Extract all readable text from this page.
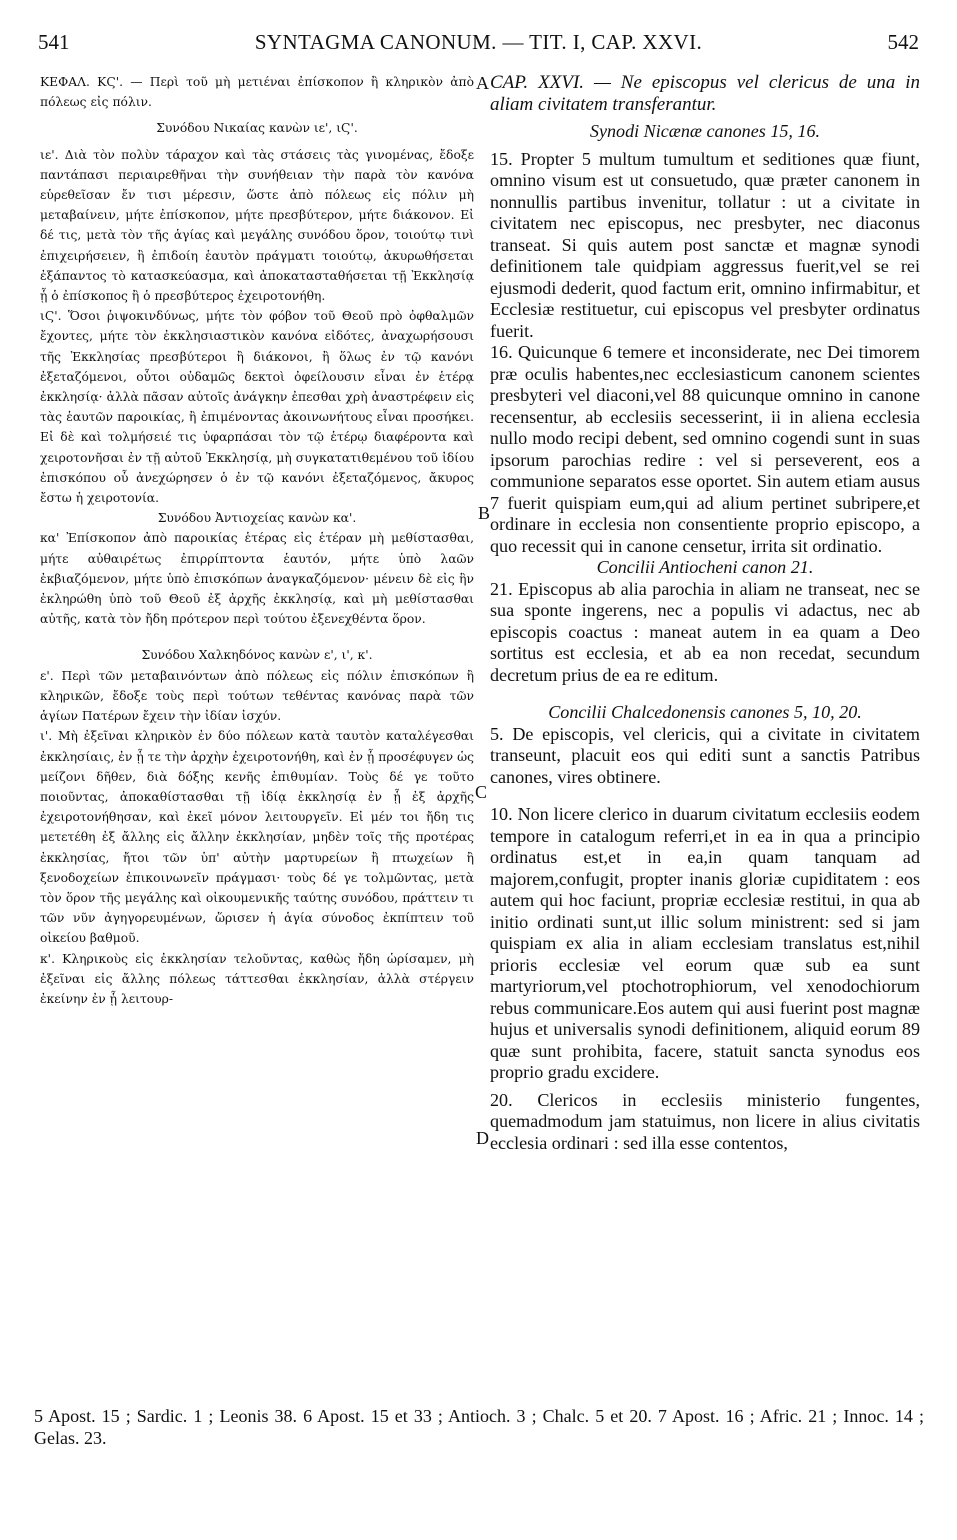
541	SYNTAGMA CANONUM. — TIT. I, CAP. XXVI.	542

ΚΕΦΑΛ. ΚϚ'. — Περὶ τοῦ μὴ μετιέναι ἐπίσκοπον ἢ κληρικὸν ἀπὸ πόλεως εἰς πόλιν.

Συνόδου Νικαίας κανὼν ιε', ιϚ'.

ιε'. Διὰ τὸν πολὺν τάραχον καὶ τὰς στάσεις τὰς γινομένας, ἔδοξε παντάπασι περιαιρεθῆναι τὴν συνήθειαν τὴν παρὰ τὸν κανόνα εὑρεθεῖσαν ἔν τισι μέρεσιν, ὥστε ἀπὸ πόλεως εἰς πόλιν μὴ μεταβαίνειν, μήτε ἐπίσκοπον, μήτε πρεσβύτερον, μήτε διάκονον. Εἰ δέ τις, μετὰ τὸν τῆς ἁγίας καὶ μεγάλης συνόδου ὅρον, τοιούτῳ τινὶ ἐπιχειρήσειεν, ἢ ἐπιδοίη ἑαυτὸν πράγματι τοιούτῳ, ἀκυρωθήσεται ἐξάπαντος τὸ κατασκεύασμα, καὶ ἀποκατασταθήσεται τῇ Ἐκκλησίᾳ ᾗ ὁ ἐπίσκοπος ἢ ὁ πρεσβύτερος ἐχειροτονήθη.

ιϚ'. Ὅσοι ῥιψοκινδύνως, μήτε τὸν φόβον τοῦ Θεοῦ πρὸ ὀφθαλμῶν ἔχοντες, μήτε τὸν ἐκκλησιαστικὸν κανόνα εἰδότες, ἀναχωρήσουσι τῆς Ἐκκλησίας πρεσβύτεροι ἢ διάκονοι, ἢ ὅλως ἐν τῷ κανόνι ἐξεταζόμενοι, οὗτοι οὐδαμῶς δεκτοὶ ὀφείλουσιν εἶναι ἐν ἑτέρᾳ ἐκκλησίᾳ· ἀλλὰ πᾶσαν αὐτοῖς ἀνάγκην ἐπεσθαι χρὴ ἀναστρέφειν εἰς τὰς ἑαυτῶν παροικίας, ἢ ἐπιμένοντας ἀκοινωνήτους εἶναι προσήκει. Εἰ δὲ καὶ τολμήσειέ τις ὑφαρπάσαι τὸν τῷ ἑτέρῳ διαφέροντα καὶ χειροτονῆσαι ἐν τῇ αὐτοῦ Ἐκκλησίᾳ, μὴ συγκατατιθεμένου τοῦ ἰδίου ἐπισκόπου οὗ ἀνεχώρησεν ὁ ἐν τῷ κανόνι ἐξεταζόμενος, ἄκυρος ἔστω ἡ χειροτονία.

Συνόδου Ἀντιοχείας κανὼν κα'.

κα' Ἐπίσκοπον ἀπὸ παροικίας ἑτέρας εἰς ἑτέραν μὴ μεθίστασθαι, μήτε αὐθαιρέτως ἐπιρρίπτοντα ἑαυτόν, μήτε ὑπὸ λαῶν ἐκβιαζόμενον, μήτε ὑπὸ ἐπισκόπων ἀναγκαζόμενον· μένειν δὲ εἰς ἣν ἐκληρώθη ὑπὸ τοῦ Θεοῦ ἐξ ἀρχῆς ἐκκλησίᾳ, καὶ μὴ μεθίστασθαι αὐτῆς, κατὰ τὸν ἤδη πρότερον περὶ τούτου ἐξενεχθέντα ὅρον.

Συνόδου Χαλκηδόνος κανὼν ε', ι', κ'.

ε'. Περὶ τῶν μεταβαινόντων ἀπὸ πόλεως εἰς πόλιν ἐπισκόπων ἢ κληρικῶν, ἔδοξε τοὺς περὶ τούτων τεθέντας κανόνας παρὰ τῶν ἁγίων Πατέρων ἔχειν τὴν ἰδίαν ἰσχύν.

ι'. Μὴ ἐξεῖναι κληρικὸν ἐν δύο πόλεων κατὰ ταυτὸν καταλέγεσθαι ἐκκλησίαις, ἐν ᾗ τε τὴν ἀρχὴν ἐχειροτονήθη, καὶ ἐν ᾗ προσέφυγεν ὡς μείζονι δῆθεν, διὰ δόξης κενῆς ἐπιθυμίαν. Τοὺς δέ γε τοῦτο ποιοῦντας, ἀποκαθίστασθαι τῇ ἰδίᾳ ἐκκλησίᾳ ἐν ᾗ ἐξ ἀρχῆς ἐχειροτονήθησαν, καὶ ἐκεῖ μόνον λειτουργεῖν. Εἰ μέν τοι ἤδη τις μετετέθη ἐξ ἄλλης εἰς ἄλλην ἐκκλησίαν, μηδὲν τοῖς τῆς προτέρας ἐκκλησίας, ἤτοι τῶν ὑπ' αὐτὴν μαρτυρείων ἢ πτωχείων ἢ ξενοδοχείων ἐπικοινωνεῖν πράγμασι· τοὺς δέ γε τολμῶντας, μετὰ τὸν ὅρον τῆς μεγάλης καὶ οἰκουμενικῆς ταύτης συνόδου, πράττειν τι τῶν νῦν ἀγηγορευμένων, ὥρισεν ἡ ἁγία σύνοδος ἐκπίπτειν τοῦ οἰκείου βαθμοῦ.

κ'. Κληρικοὺς εἰς ἐκκλησίαν τελοῦντας, καθὼς ἤδη ὡρίσαμεν, μὴ ἐξεῖναι εἰς ἄλλης πόλεως τάττεσθαι ἐκκλησίαν, ἀλλὰ στέργειν ἐκείνην ἐν ᾗ λειτουρ-

A
B
C
D

CAP. XXVI. — Ne episcopus vel clericus de una in aliam civitatem transferantur.

Synodi Nicænæ canones 15, 16.

15. Propter 5 multum tumultum et seditiones quæ fiunt, omnino visum est ut consuetudo, quæ præter canonem in nonnullis partibus invenitur, tollatur : ut a civitate in civitatem nec episcopus, nec presbyter, nec diaconus transeat. Si quis autem post sanctæ et magnæ synodi definitionem tale quidpiam aggressus fuerit,vel se rei ejusmodi dederit, quod factum erit, omnino infirmabitur, et Ecclesiæ restituetur, cui episcopus vel presbyter ordinatus fuerit.

16. Quicunque 6 temere et inconsiderate, nec Dei timorem præ oculis habentes,nec ecclesiasticum canonem scientes presbyteri vel diaconi,vel 88 quicunque omnino in canone recensentur, ab ecclesiis secesserint, ii in aliena ecclesia nullo modo recipi debent, sed omnino cogendi sunt in suas ipsorum parochias redire : vel si perseverent, eos a communione separatos esse oportet. Sin autem etiam ausus 7 fuerit quispiam eum,qui ad alium pertinet subripere,et ordinare in ecclesia non consentiente proprio episcopo, a quo recessit qui in canone censetur, irrita sit ordinatio.

Concilii Antiocheni canon 21.

21. Episcopus ab alia parochia in aliam ne transeat, nec se sua sponte ingerens, nec a populis vi adactus, nec ab episcopis coactus : maneat autem in ea quam a Deo sortitus est ecclesia, et ab ea non recedat, secundum decretum prius de ea re editum.

Concilii Chalcedonensis canones 5, 10, 20.

5. De episcopis, vel clericis, qui a civitate in civitatem transeunt, placuit eos qui editi sunt a sanctis Patribus canones, vires obtinere.

10. Non licere clerico in duarum civitatum ecclesiis eodem tempore in catalogum referri,et in ea in qua a principio ordinatus est,et in ea,in quam tanquam ad majorem,confugit, propter inanis gloriæ cupiditatem : eos autem qui hoc faciunt, propriæ ecclesiæ restitui, in qua ab initio ordinati sunt,ut illic solum ministrent: sed si jam quispiam ex alia in aliam ecclesiam translatus est,nihil prioris ecclesiæ vel eorum quæ sub ea sunt martyriorum,vel ptochotrophiorum, vel xenodochiorum rebus communicare.Eos autem qui ausi fuerint post magnæ hujus et universalis synodi definitionem, aliquid eorum 89 quæ sunt prohibita, facere, statuit sancta synodus eos proprio gradu excidere.

20. Clericos in ecclesiis ministerio fungentes, quemadmodum jam statuimus, non licere in alius civitatis ecclesia ordinari : sed illa esse contentos,

5 Apost. 15 ; Sardic. 1 ; Leonis 38. 6 Apost. 15 et 33 ; Antioch. 3 ; Chalc. 5 et 20. 7 Apost. 16 ; Afric. 21 ; Innoc. 14 ; Gelas. 23.
